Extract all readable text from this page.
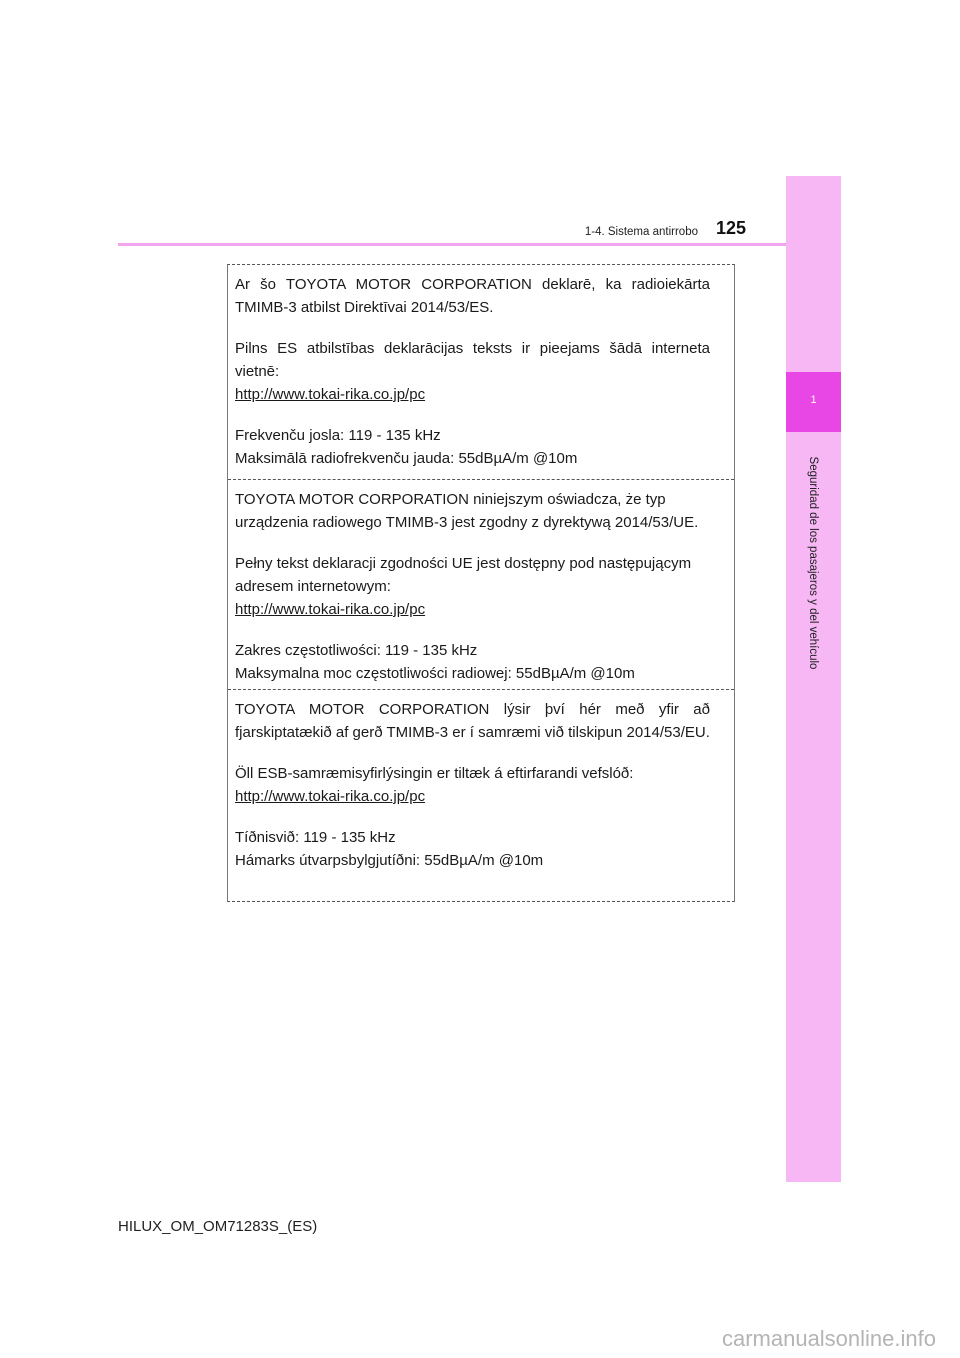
1
Seguridad de los pasajeros y del vehículo
1-4. Sistema antirrobo 125

Ar šo TOYOTA MOTOR CORPORATION deklarē, ka radioiekārta TMIMB-3 atbilst Direktīvai 2014/53/ES.

Pilns ES atbilstības deklarācijas teksts ir pieejams šādā interneta vietnē:
http://www.tokai-rika.co.jp/pc

Frekvenču josla: 119 - 135 kHz
Maksimālā radiofrekvenču jauda: 55dBµA/m @10m

TOYOTA MOTOR CORPORATION niniejszym oświadcza, że typ urządzenia radiowego TMIMB-3 jest zgodny z dyrektywą 2014/53/UE.

Pełny tekst deklaracji zgodności UE jest dostępny pod następującym adresem internetowym:
http://www.tokai-rika.co.jp/pc

Zakres częstotliwości: 119 - 135 kHz
Maksymalna moc częstotliwości radiowej: 55dBµA/m @10m

TOYOTA MOTOR CORPORATION lýsir því hér með yfir að fjarskiptatækið af gerð TMIMB-3 er í samræmi við tilskipun 2014/53/EU.

Öll ESB-samræmisyfirlýsingin er tiltæk á eftirfarandi vefslóð:
http://www.tokai-rika.co.jp/pc

Tíðnisvið: 119 - 135 kHz
Hámarks útvarpsbylgjutíðni: 55dBµA/m @10m

HILUX_OM_OM71283S_(ES)
carmanualsonline.info
